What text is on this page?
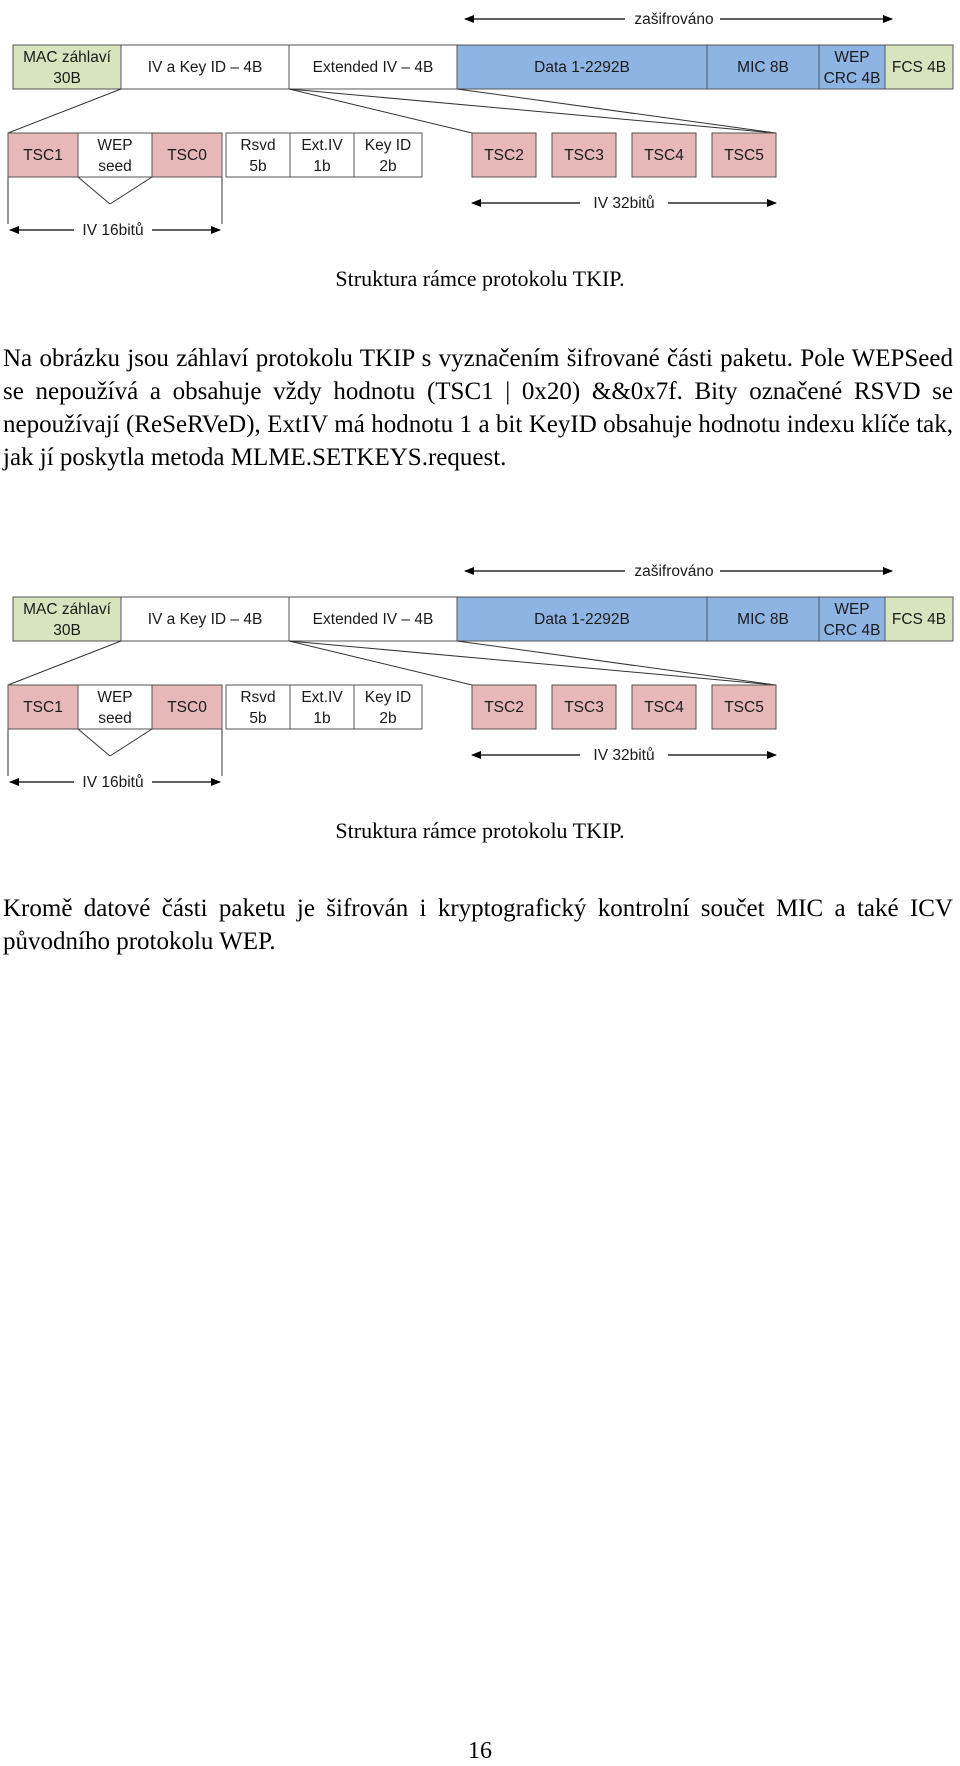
zašifrováno
MAC záhlaví
30B
IV a Key ID – 4B	Extended IV – 4B	Data 1-2292B	MIC 8B
WEP
CRC 4B
FCS 4B
TSC1
WEP
seed
TSC0
Rsvd
5b
Ext.IV
1b
Key ID
2b
TSC2	TSC3	TSC4	TSC5
IV 16bitů
IV 32bitů
Struktura rámce protokolu TKIP.

Na obrázku jsou záhlaví protokolu TKIP s vyznačením šifrované části paketu. Pole WEPSeed se nepoužívá a obsahuje vždy hodnotu (TSC1 | 0x20) &&0x7f. Bity označené RSVD se nepoužívají (ReSeRVeD), ExtIV má hodnotu 1 a bit KeyID obsahuje hodnotu indexu klíče tak, jak jí poskytla metoda MLME.SETKEYS.request.

zašifrováno
MAC záhlaví
30B
IV a Key ID – 4B	Extended IV – 4B	Data 1-2292B	MIC 8B
WEP
CRC 4B
FCS 4B
TSC1
WEP
seed
TSC0
Rsvd
5b
Ext.IV
1b
Key ID
2b
TSC2	TSC3	TSC4	TSC5
IV 16bitů
IV 32bitů
Struktura rámce protokolu TKIP.

Kromě datové části paketu je šifrován i kryptografický kontrolní součet MIC a také ICV původního protokolu WEP.

16
